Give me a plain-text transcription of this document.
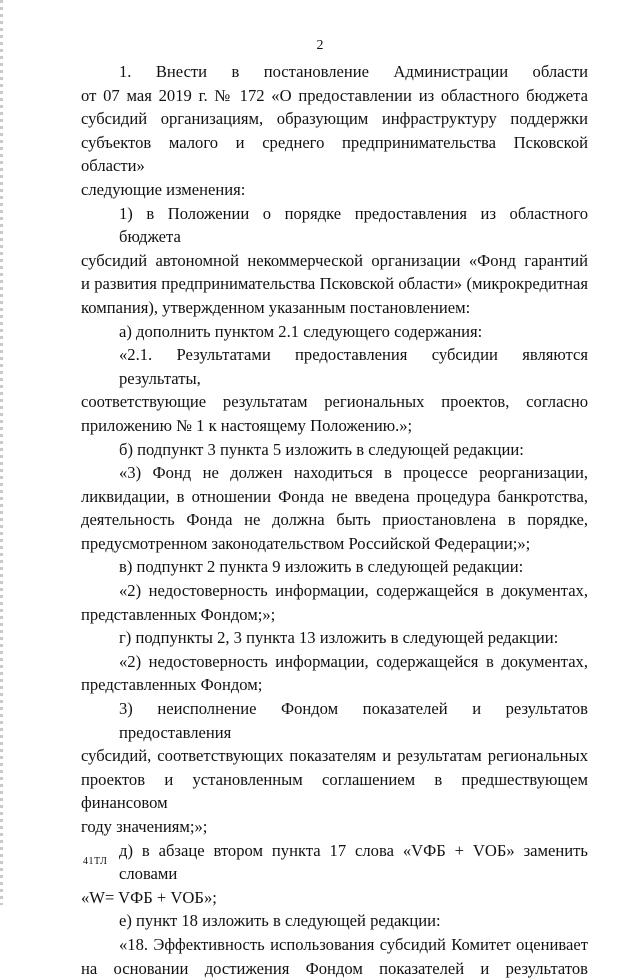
2
1. Внести в постановление Администрации области
от 07 мая 2019 г. № 172 «О предоставлении из областного бюджета
субсидий организациям, образующим инфраструктуру поддержки
субъектов малого и среднего предпринимательства Псковской области»
следующие изменения:
1) в Положении о порядке предоставления из областного бюджета
субсидий автономной некоммерческой организации «Фонд гарантий
и развития предпринимательства Псковской области» (микрокредитная
компания), утвержденном указанным постановлением:
а) дополнить пунктом 2.1 следующего содержания:
«2.1. Результатами предоставления субсидии являются результаты,
соответствующие результатам региональных проектов, согласно
приложению № 1 к настоящему Положению.»;
б) подпункт 3 пункта 5 изложить в следующей редакции:
«3) Фонд не должен находиться в процессе реорганизации,
ликвидации, в отношении Фонда не введена процедура банкротства,
деятельность Фонда не должна быть приостановлена в порядке,
предусмотренном законодательством Российской Федерации;»;
в) подпункт 2 пункта 9 изложить в следующей редакции:
«2) недостоверность информации, содержащейся в документах,
представленных Фондом;»;
г) подпункты 2, 3 пункта 13 изложить в следующей редакции:
«2) недостоверность информации, содержащейся в документах,
представленных Фондом;
3) неисполнение Фондом показателей и результатов предоставления
субсидий, соответствующих показателям и результатам региональных
проектов и установленным соглашением в предшествующем финансовом
году значениям;»;
д) в абзаце втором пункта 17 слова «VФБ + VОБ» заменить словами
«W= VФБ + VОБ»;
е) пункт 18 изложить в следующей редакции:
«18. Эффективность использования субсидий Комитет оценивает
на основании достижения Фондом показателей и результатов
41ТЛ
